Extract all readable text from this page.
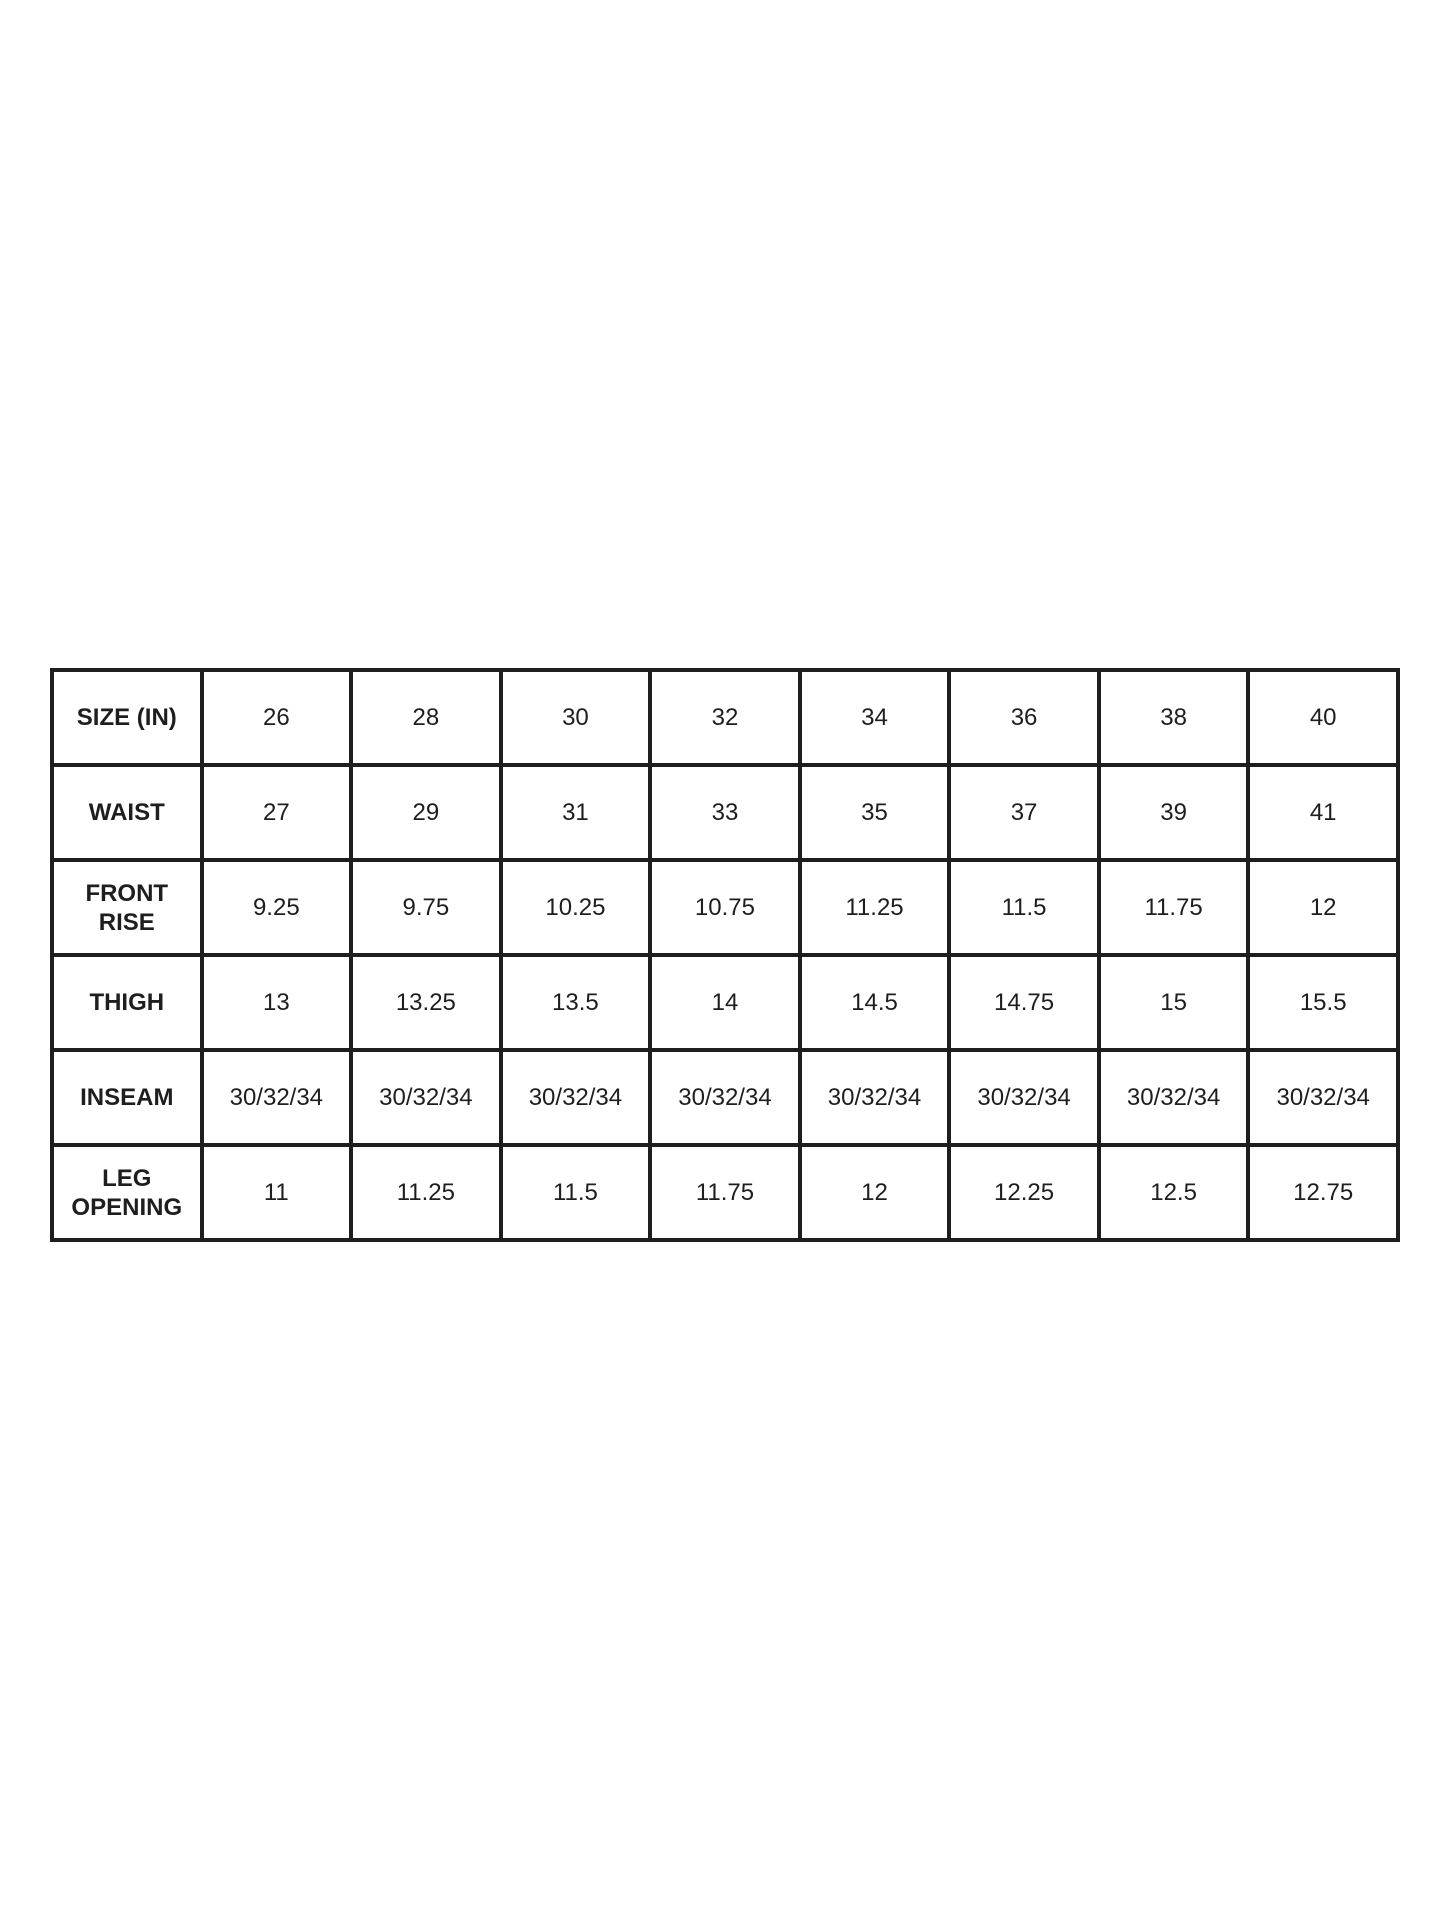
SIZE (IN)	26	28	30	32	34	36	38	40
WAIST	27	29	31	33	35	37	39	41
FRONT
RISE	9.25	9.75	10.25	10.75	11.25	11.5	11.75	12
THIGH	13	13.25	13.5	14	14.5	14.75	15	15.5
INSEAM	30/32/34	30/32/34	30/32/34	30/32/34	30/32/34	30/32/34	30/32/34	30/32/34
LEG
OPENING	11	11.25	11.5	11.75	12	12.25	12.5	12.75
